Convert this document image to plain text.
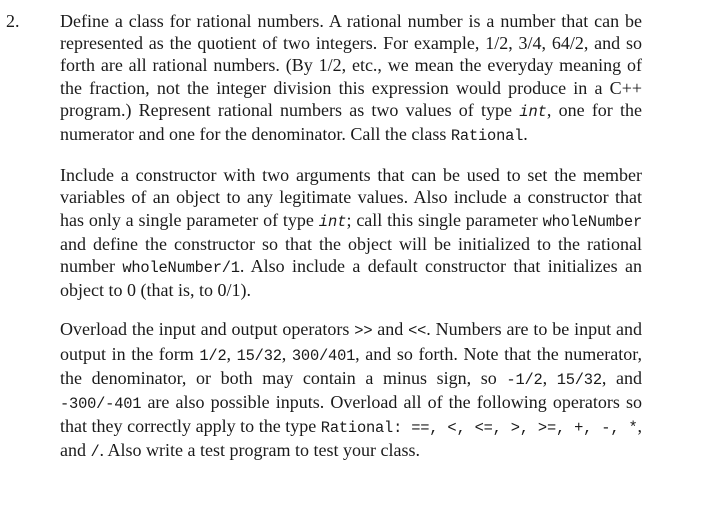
Define a class for rational numbers. A rational number is a number that can be represented as the quotient of two integers. For example, 1/2, 3/4, 64/2, and so forth are all rational numbers. (By 1/2, etc., we mean the everyday meaning of the fraction, not the integer division this expression would produce in a C++ program.) Represent rational numbers as two values of type int, one for the numerator and one for the denominator. Call the class Rational.

Include a constructor with two arguments that can be used to set the member variables of an object to any legitimate values. Also include a constructor that has only a single parameter of type int; call this single parameter wholeNumber and define the constructor so that the object will be initialized to the rational number wholeNumber/1. Also include a default constructor that initializes an object to 0 (that is, to 0/1).

Overload the input and output operators >> and <<. Numbers are to be input and output in the form 1/2, 15/32, 300/401, and so forth. Note that the numerator, the denominator, or both may contain a minus sign, so -1/2, 15/32, and -300/-401 are also possible inputs. Overload all of the following operators so that they correctly apply to the type Rational: ==, <, <=, >, >=, +, -, *, and /. Also write a test program to test your class.

2.
